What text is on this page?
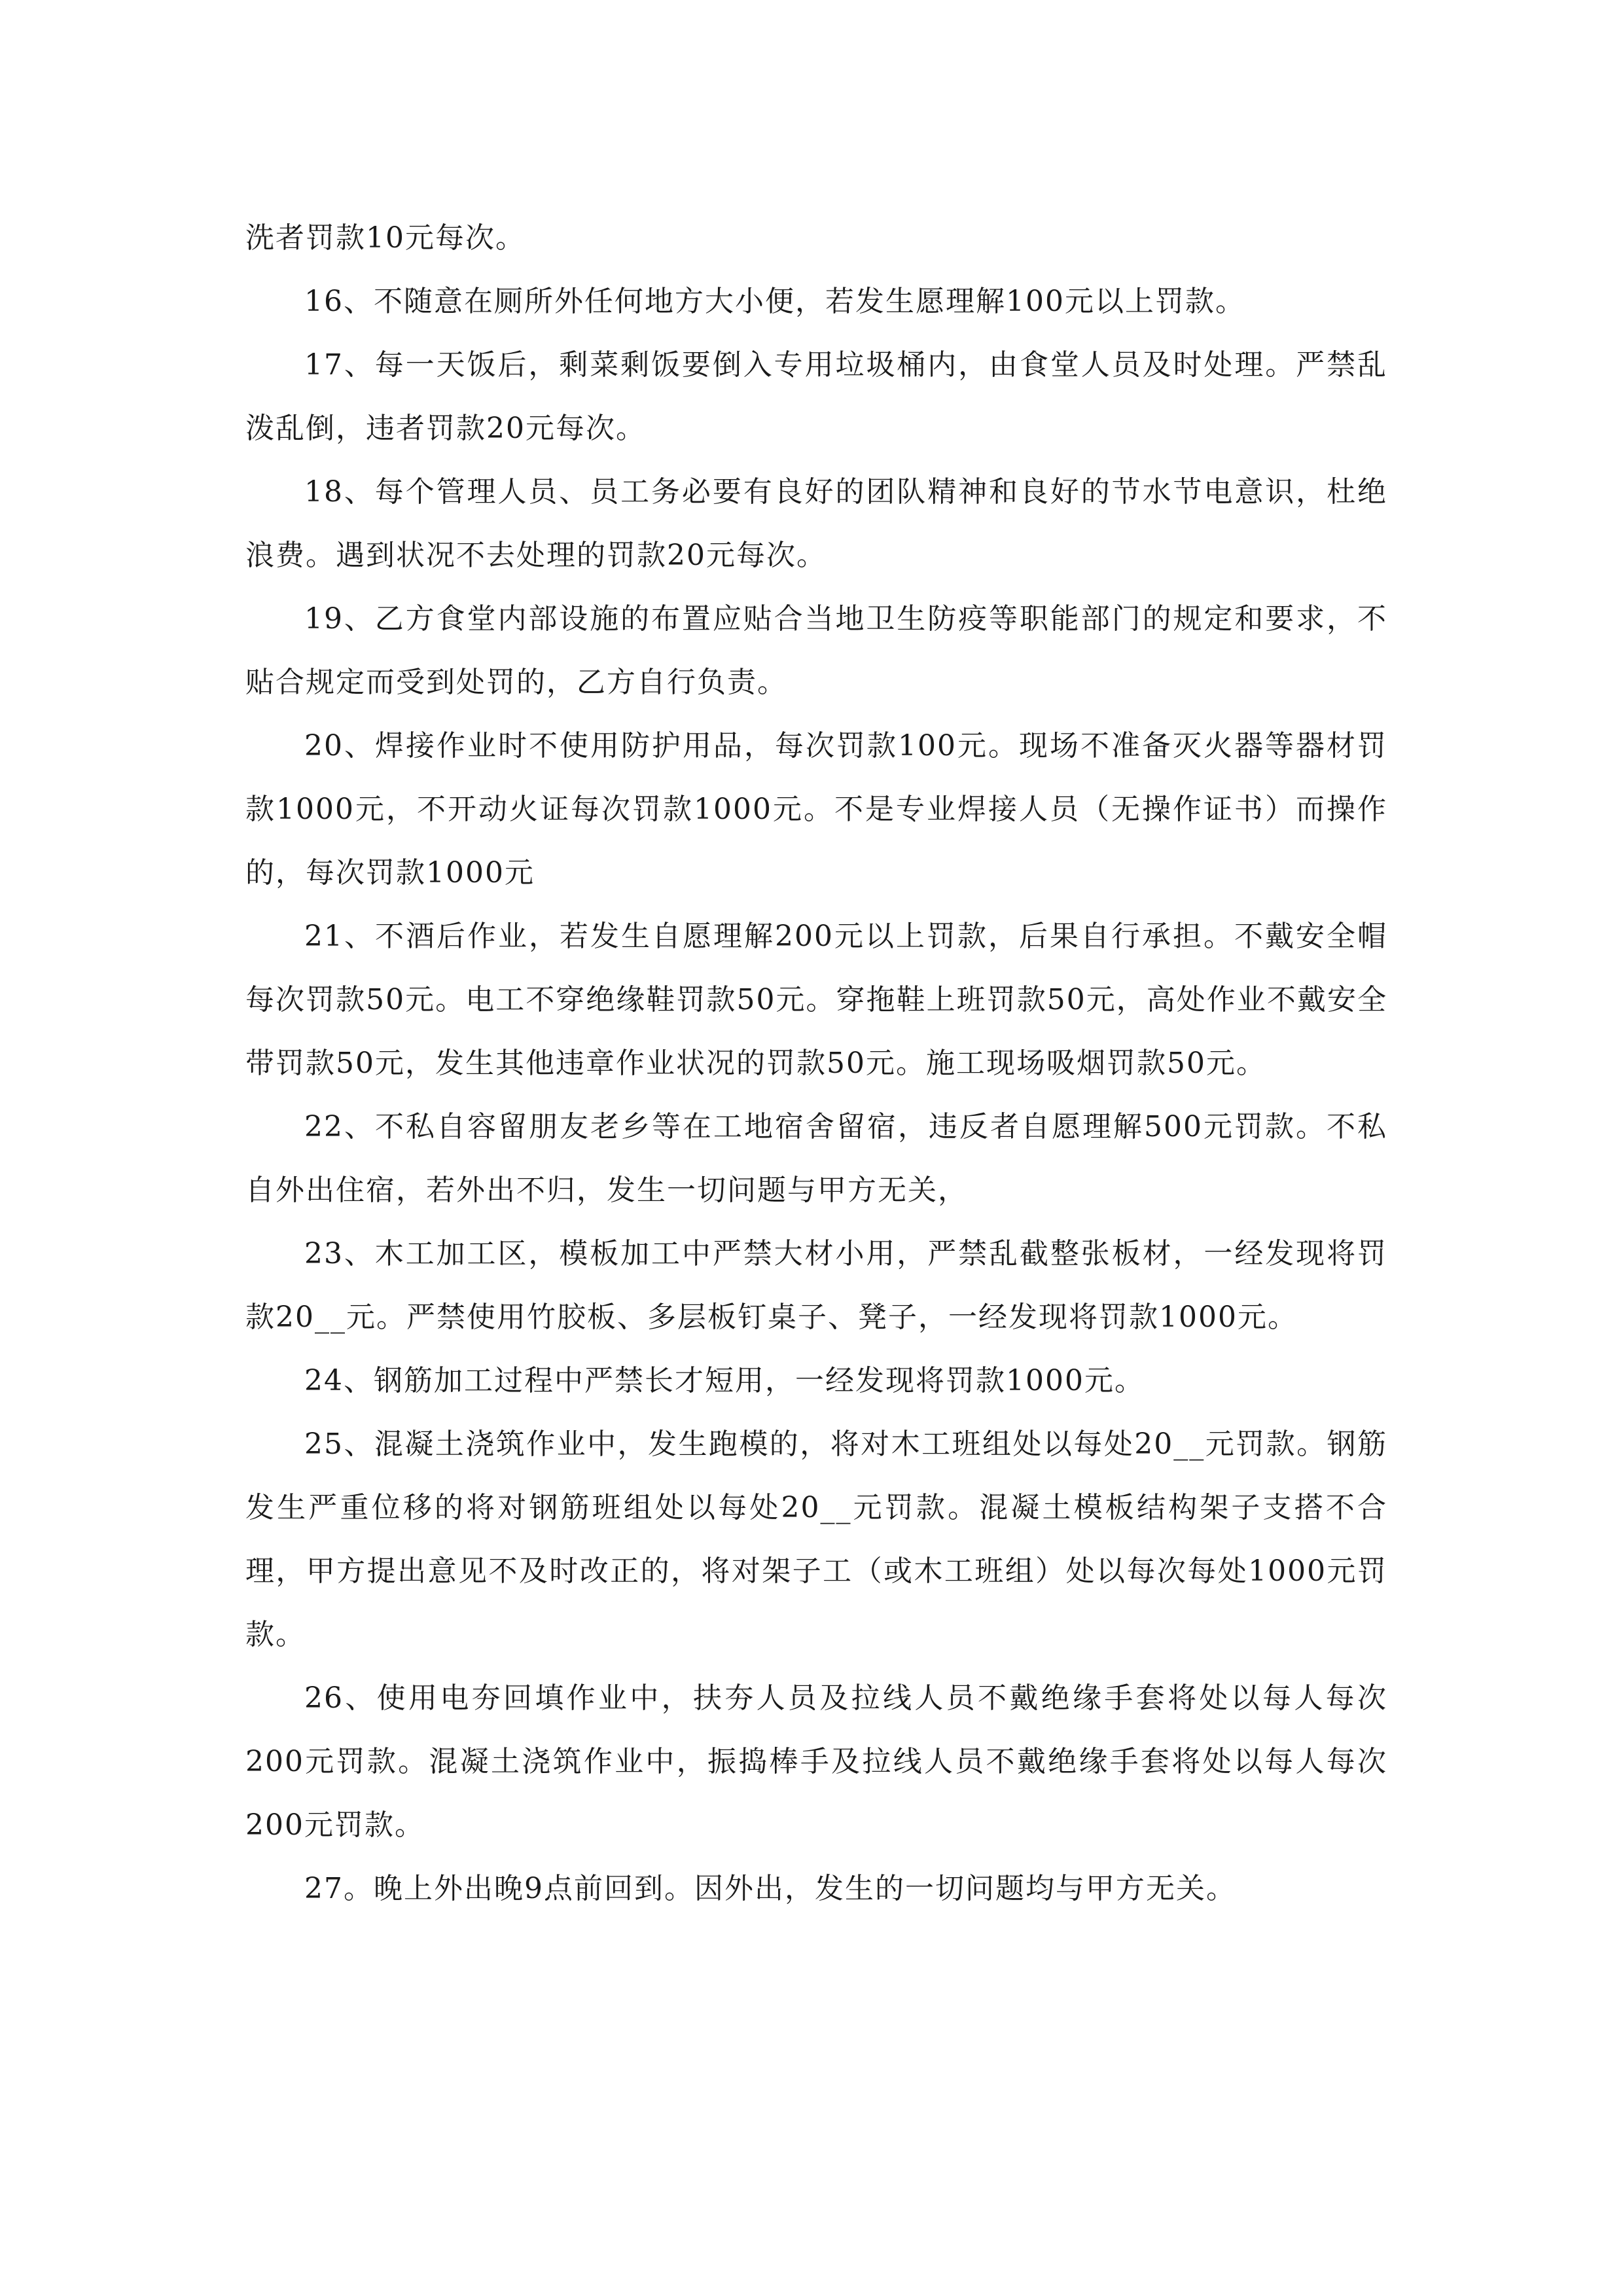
洗者罚款10元每次。

16、不随意在厕所外任何地方大小便，若发生愿理解100元以上罚款。

17、每一天饭后，剩菜剩饭要倒入专用垃圾桶内，由食堂人员及时处理。严禁乱泼乱倒，违者罚款20元每次。

18、每个管理人员、员工务必要有良好的团队精神和良好的节水节电意识，杜绝浪费。遇到状况不去处理的罚款20元每次。

19、乙方食堂内部设施的布置应贴合当地卫生防疫等职能部门的规定和要求，不贴合规定而受到处罚的，乙方自行负责。

20、焊接作业时不使用防护用品，每次罚款100元。现场不准备灭火器等器材罚款1000元，不开动火证每次罚款1000元。不是专业焊接人员（无操作证书）而操作的，每次罚款1000元

21、不酒后作业，若发生自愿理解200元以上罚款，后果自行承担。不戴安全帽每次罚款50元。电工不穿绝缘鞋罚款50元。穿拖鞋上班罚款50元，高处作业不戴安全带罚款50元，发生其他违章作业状况的罚款50元。施工现场吸烟罚款50元。

22、不私自容留朋友老乡等在工地宿舍留宿，违反者自愿理解500元罚款。不私自外出住宿，若外出不归，发生一切问题与甲方无关，

23、木工加工区，模板加工中严禁大材小用，严禁乱截整张板材，一经发现将罚款20__元。严禁使用竹胶板、多层板钉桌子、凳子，一经发现将罚款1000元。

24、钢筋加工过程中严禁长才短用，一经发现将罚款1000元。

25、混凝土浇筑作业中，发生跑模的，将对木工班组处以每处20__元罚款。钢筋发生严重位移的将对钢筋班组处以每处20__元罚款。混凝土模板结构架子支搭不合理，甲方提出意见不及时改正的，将对架子工（或木工班组）处以每次每处1000元罚款。

26、使用电夯回填作业中，扶夯人员及拉线人员不戴绝缘手套将处以每人每次200元罚款。混凝土浇筑作业中，振捣棒手及拉线人员不戴绝缘手套将处以每人每次200元罚款。

27。晚上外出晚9点前回到。因外出，发生的一切问题均与甲方无关。
